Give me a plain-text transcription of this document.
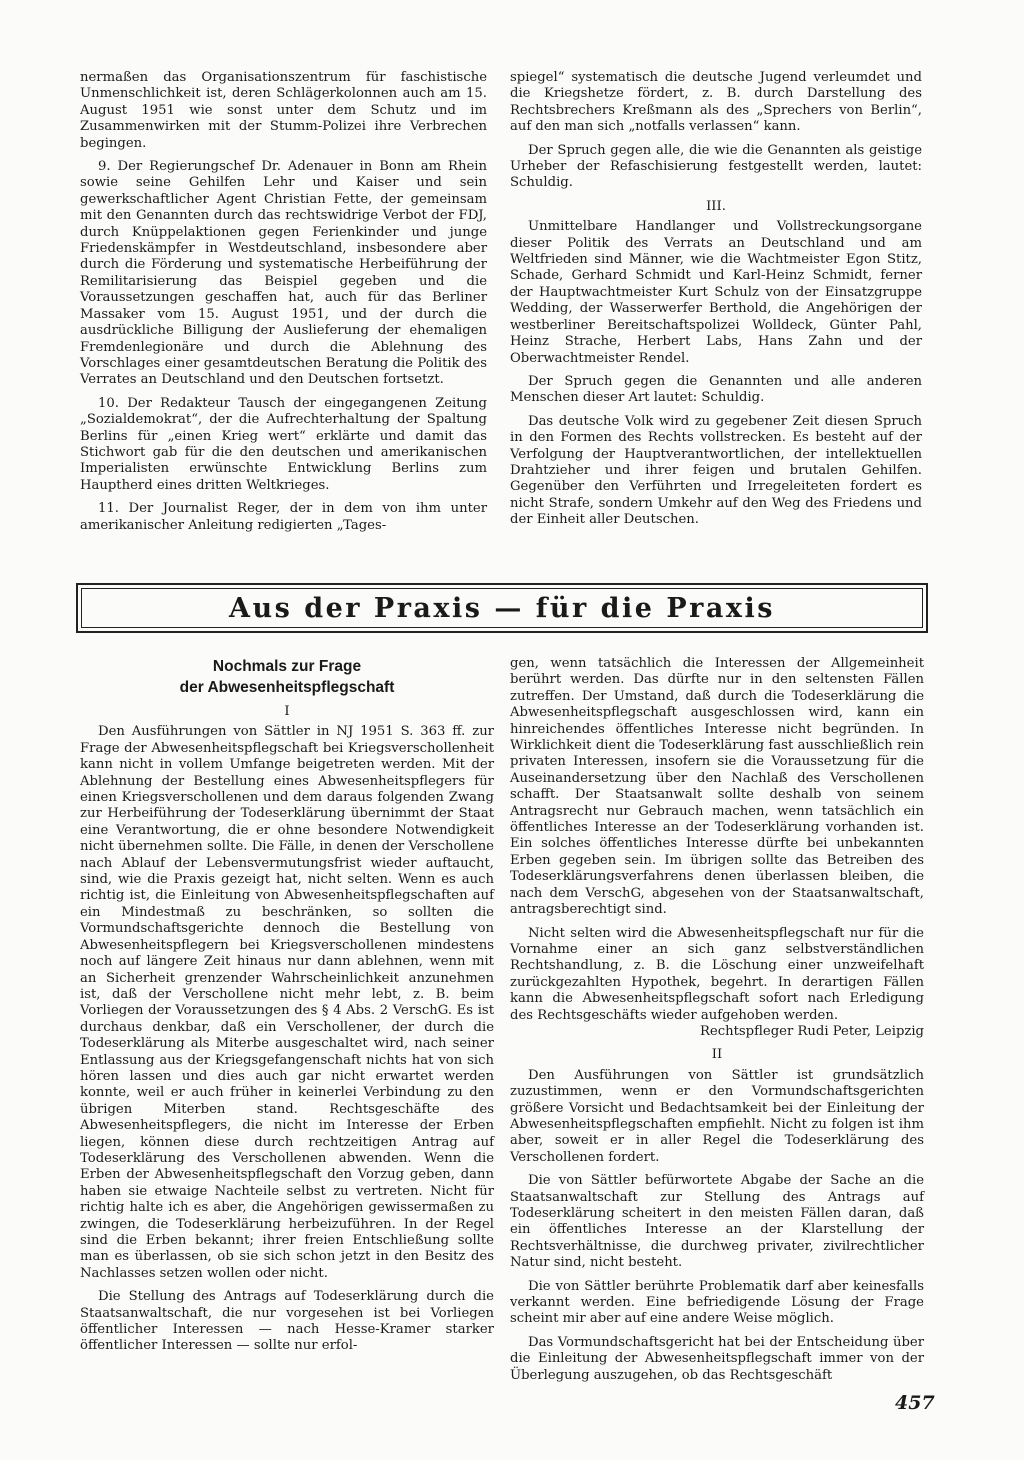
nermaßen das Organisationszentrum für faschistische Unmenschlichkeit ist, deren Schlägerkolonnen auch am 15. August 1951 wie sonst unter dem Schutz und im Zusammenwirken mit der Stumm-Polizei ihre Verbrechen begingen.

9. Der Regierungschef Dr. Adenauer in Bonn am Rhein sowie seine Gehilfen Lehr und Kaiser und sein gewerkschaftlicher Agent Christian Fette, der gemeinsam mit den Genannten durch das rechtswidrige Verbot der FDJ, durch Knüppelaktionen gegen Ferienkinder und junge Friedenskämpfer in Westdeutschland, insbesondere aber durch die Förderung und systematische Herbeiführung der Remilitarisierung das Beispiel gegeben und die Voraussetzungen geschaffen hat, auch für das Berliner Massaker vom 15. August 1951, und der durch die ausdrückliche Billigung der Auslieferung der ehemaligen Fremdenlegionäre und durch die Ablehnung des Vorschlages einer gesamtdeutschen Beratung die Politik des Verrates an Deutschland und den Deutschen fortsetzt.

10. Der Redakteur Tausch der eingegangenen Zeitung „Sozialdemokrat“, der die Aufrechterhaltung der Spaltung Berlins für „einen Krieg wert“ erklärte und damit das Stichwort gab für die den deutschen und amerikanischen Imperialisten erwünschte Entwicklung Berlins zum Hauptherd eines dritten Weltkrieges.

11. Der Journalist Reger, der in dem von ihm unter amerikanischer Anleitung redigierten „Tages-

spiegel“ systematisch die deutsche Jugend verleumdet und die Kriegshetze fördert, z. B. durch Darstellung des Rechtsbrechers Kreßmann als des „Sprechers von Berlin“, auf den man sich „notfalls verlassen“ kann.

Der Spruch gegen alle, die wie die Genannten als geistige Urheber der Refaschisierung festgestellt werden, lautet: Schuldig.

III.

Unmittelbare Handlanger und Vollstreckungsorgane dieser Politik des Verrats an Deutschland und am Weltfrieden sind Männer, wie die Wachtmeister Egon Stitz, Schade, Gerhard Schmidt und Karl-Heinz Schmidt, ferner der Hauptwachtmeister Kurt Schulz von der Einsatzgruppe Wedding, der Wasserwerfer Berthold, die Angehörigen der westberliner Bereitschaftspolizei Wolldeck, Günter Pahl, Heinz Strache, Herbert Labs, Hans Zahn und der Oberwachtmeister Rendel.

Der Spruch gegen die Genannten und alle anderen Menschen dieser Art lautet: Schuldig.

Das deutsche Volk wird zu gegebener Zeit diesen Spruch in den Formen des Rechts vollstrecken. Es besteht auf der Verfolgung der Hauptverantwortlichen, der intellektuellen Drahtzieher und ihrer feigen und brutalen Gehilfen. Gegenüber den Verführten und Irregeleiteten fordert es nicht Strafe, sondern Umkehr auf den Weg des Friedens und der Einheit aller Deutschen.

Aus der Praxis — für die Praxis
Nochmals zur Frage
der Abwesenheitspflegschaft

I

Den Ausführungen von Sättler in NJ 1951 S. 363 ff. zur Frage der Abwesenheitspflegschaft bei Kriegsverschollenheit kann nicht in vollem Umfange beigetreten werden. Mit der Ablehnung der Bestellung eines Abwesenheitspflegers für einen Kriegsverschollenen und dem daraus folgenden Zwang zur Herbeiführung der Todeserklärung übernimmt der Staat eine Verantwortung, die er ohne besondere Notwendigkeit nicht übernehmen sollte. Die Fälle, in denen der Verschollene nach Ablauf der Lebensvermutungsfrist wieder auftaucht, sind, wie die Praxis gezeigt hat, nicht selten. Wenn es auch richtig ist, die Einleitung von Abwesenheitspflegschaften auf ein Mindestmaß zu beschränken, so sollten die Vormundschaftsgerichte dennoch die Bestellung von Abwesenheitspflegern bei Kriegsverschollenen mindestens noch auf längere Zeit hinaus nur dann ablehnen, wenn mit an Sicherheit grenzender Wahrscheinlichkeit anzunehmen ist, daß der Verschollene nicht mehr lebt, z. B. beim Vorliegen der Voraussetzungen des § 4 Abs. 2 VerschG. Es ist durchaus denkbar, daß ein Verschollener, der durch die Todeserklärung als Miterbe ausgeschaltet wird, nach seiner Entlassung aus der Kriegsgefangenschaft nichts hat von sich hören lassen und dies auch gar nicht erwartet werden konnte, weil er auch früher in keinerlei Verbindung zu den übrigen Miterben stand. Rechtsgeschäfte des Abwesenheitspflegers, die nicht im Interesse der Erben liegen, können diese durch rechtzeitigen Antrag auf Todeserklärung des Verschollenen abwenden. Wenn die Erben der Abwesenheitspflegschaft den Vorzug geben, dann haben sie etwaige Nachteile selbst zu vertreten. Nicht für richtig halte ich es aber, die Angehörigen gewissermaßen zu zwingen, die Todeserklärung herbeizuführen. In der Regel sind die Erben bekannt; ihrer freien Entschließung sollte man es überlassen, ob sie sich schon jetzt in den Besitz des Nachlasses setzen wollen oder nicht.

Die Stellung des Antrags auf Todeserklärung durch die Staatsanwaltschaft, die nur vorgesehen ist bei Vorliegen öffentlicher Interessen — nach Hesse-Kramer starker öffentlicher Interessen — sollte nur erfol-

gen, wenn tatsächlich die Interessen der Allgemeinheit berührt werden. Das dürfte nur in den seltensten Fällen zutreffen. Der Umstand, daß durch die Todeserklärung die Abwesenheitspflegschaft ausgeschlossen wird, kann ein hinreichendes öffentliches Interesse nicht begründen. In Wirklichkeit dient die Todeserklärung fast ausschließlich rein privaten Interessen, insofern sie die Voraussetzung für die Auseinandersetzung über den Nachlaß des Verschollenen schafft. Der Staatsanwalt sollte deshalb von seinem Antragsrecht nur Gebrauch machen, wenn tatsächlich ein öffentliches Interesse an der Todeserklärung vorhanden ist. Ein solches öffentliches Interesse dürfte bei unbekannten Erben gegeben sein. Im übrigen sollte das Betreiben des Todeserklärungsverfahrens denen überlassen bleiben, die nach dem VerschG, abgesehen von der Staatsanwaltschaft, antragsberechtigt sind.

Nicht selten wird die Abwesenheitspflegschaft nur für die Vornahme einer an sich ganz selbstverständlichen Rechtshandlung, z. B. die Löschung einer unzweifelhaft zurückgezahlten Hypothek, begehrt. In derartigen Fällen kann die Abwesenheitspflegschaft sofort nach Erledigung des Rechtsgeschäfts wieder aufgehoben werden.

Rechtspfleger Rudi Peter, Leipzig

II

Den Ausführungen von Sättler ist grundsätzlich zuzustimmen, wenn er den Vormundschaftsgerichten größere Vorsicht und Bedachtsamkeit bei der Einleitung der Abwesenheitspflegschaften empfiehlt. Nicht zu folgen ist ihm aber, soweit er in aller Regel die Todeserklärung des Verschollenen fordert.

Die von Sättler befürwortete Abgabe der Sache an die Staatsanwaltschaft zur Stellung des Antrags auf Todeserklärung scheitert in den meisten Fällen daran, daß ein öffentliches Interesse an der Klarstellung der Rechtsverhältnisse, die durchweg privater, zivilrechtlicher Natur sind, nicht besteht.

Die von Sättler berührte Problematik darf aber keinesfalls verkannt werden. Eine befriedigende Lösung der Frage scheint mir aber auf eine andere Weise möglich.

Das Vormundschaftsgericht hat bei der Entscheidung über die Einleitung der Abwesenheitspflegschaft immer von der Überlegung auszugehen, ob das Rechtsgeschäft

457
